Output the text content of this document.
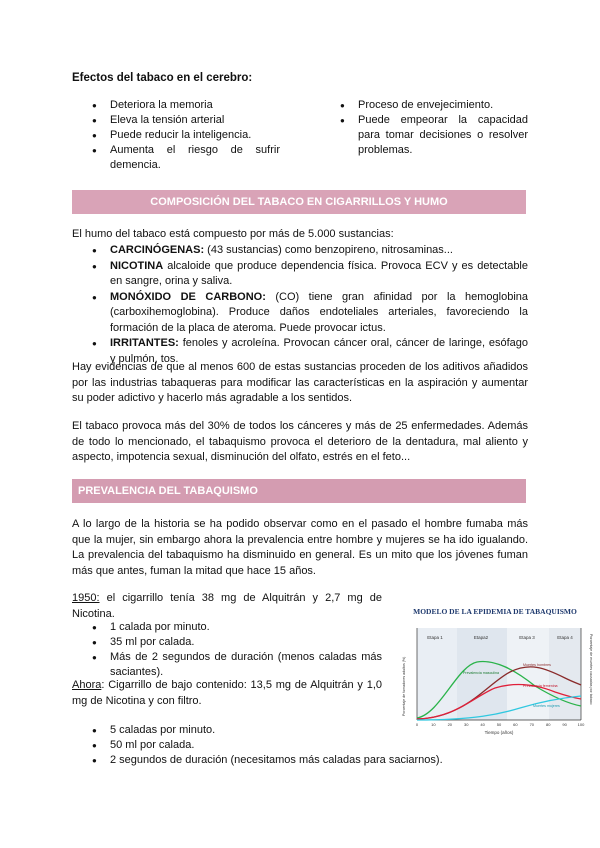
Efectos del tabaco en el cerebro:
● Deteriora la memoria
● Eleva la tensión arterial
● Puede reducir la inteligencia.
● Aumenta el riesgo de sufrir demencia.
● Proceso de envejecimiento.
● Puede empeorar la capacidad para tomar decisiones o resolver problemas.
COMPOSICIÓN DEL TABACO EN CIGARRILLOS Y HUMO
El humo del tabaco está compuesto por más de 5.000 sustancias:
● CARCINÓGENAS: (43 sustancias) como benzopireno, nitrosaminas...
● NICOTINA alcaloide que produce dependencia física. Provoca ECV y es detectable en sangre, orina y saliva.
● MONÓXIDO DE CARBONO: (CO) tiene gran afinidad por la hemoglobina (carboxihemoglobina). Produce daños endoteliales arteriales, favoreciendo la formación de la placa de ateroma. Puede provocar ictus.
● IRRITANTES: fenoles y acroleína. Provocan cáncer oral, cáncer de laringe, esófago y pulmón, tos.
Hay evidencias de que al menos 600 de estas sustancias proceden de los aditivos añadidos por las industrias tabaqueras para modificar las características en la aspiración y aumentar su poder adictivo y hacerlo más agradable a los sentidos.
El tabaco provoca más del 30% de todos los cánceres y más de 25 enfermedades. Además de todo lo mencionado, el tabaquismo provoca el deterioro de la dentadura, mal aliento y aspecto, impotencia sexual, disminución del olfato, estrés en el feto...
PREVALENCIA DEL TABAQUISMO
A lo largo de la historia se ha podido observar como en el pasado el hombre fumaba más que la mujer, sin embargo ahora la prevalencia entre hombre y mujeres se ha ido igualando. La prevalencia del tabaquismo ha disminuido en general. Es un mito que los jóvenes fuman más que antes, fuman la mitad que hace 15 años.
1950: el cigarrillo tenía 38 mg de Alquitrán y 2,7 mg de Nicotina.
● 1 calada por minuto.
● 35 ml por calada.
● Más de 2 segundos de duración (menos caladas más saciantes).
Ahora: Cigarrillo de bajo contenido: 13,5 mg de Alquitrán y 1,0 mg de Nicotina y con filtro.
● 5 caladas por minuto.
● 50 ml por calada.
● 2 segundos de duración (necesitamos más caladas para saciarnos).
MODELO DE LA EPIDEMIA DE TABAQUISMO
Etapa 1	Etapa2	Etapa 3	Etapa 4
0	10	20	30	40	50	60	70	80	90	100
Tiempo (años)
Porcentaje de fumadores adultos (%)	Porcentaje de muertes causadas por tabaco
Prevalencia masculina
Muertes hombres
Prevalencia femenina
Muertes mujeres
